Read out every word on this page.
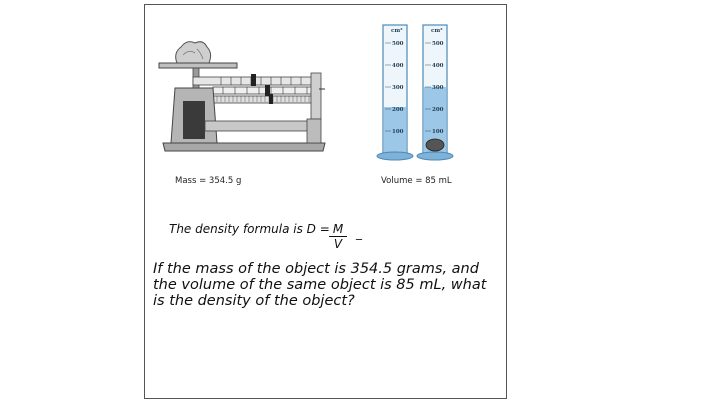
cm³	cm³
500
400
300
200
100
500
400
300
200
100
Mass = 354.5 g	Volume = 85 mL
The density formula is $D = \frac{M}{V}$ _
If the mass of the object is 354.5 grams, and the volume of the same object is 85 mL, what is the density of the object?
